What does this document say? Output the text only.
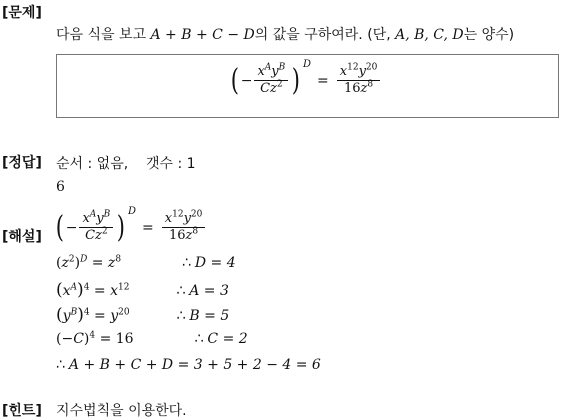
[문제]
다음 식을 보고 A + B + C − D의 값을 구하여라. (단, A, B, C, D는 양수)
( − $\frac{x^Ay^B}{Cz^2}$ ) D
= $\frac{x^{12}y^{20}}{16z^8}$
[정답] 순서 : 없음, 갯수 : 1
6
[해설] ( − $\frac{x^Ay^B}{Cz^2}$ ) D
= $\frac{x^{12}y^{20}}{16z^8}$
$(z^2)^D = z^8$	∴ D = 4
$(x^A)^4 = x^{12}$	∴ A = 3
$(y^B)^4 = y^{20}$	∴ B = 5
$(-C)^4 = 16$	∴ C = 2
∴ A + B + C + D = 3 + 5 + 2 − 4 = 6
[힌트] 지수법칙을 이용한다.
